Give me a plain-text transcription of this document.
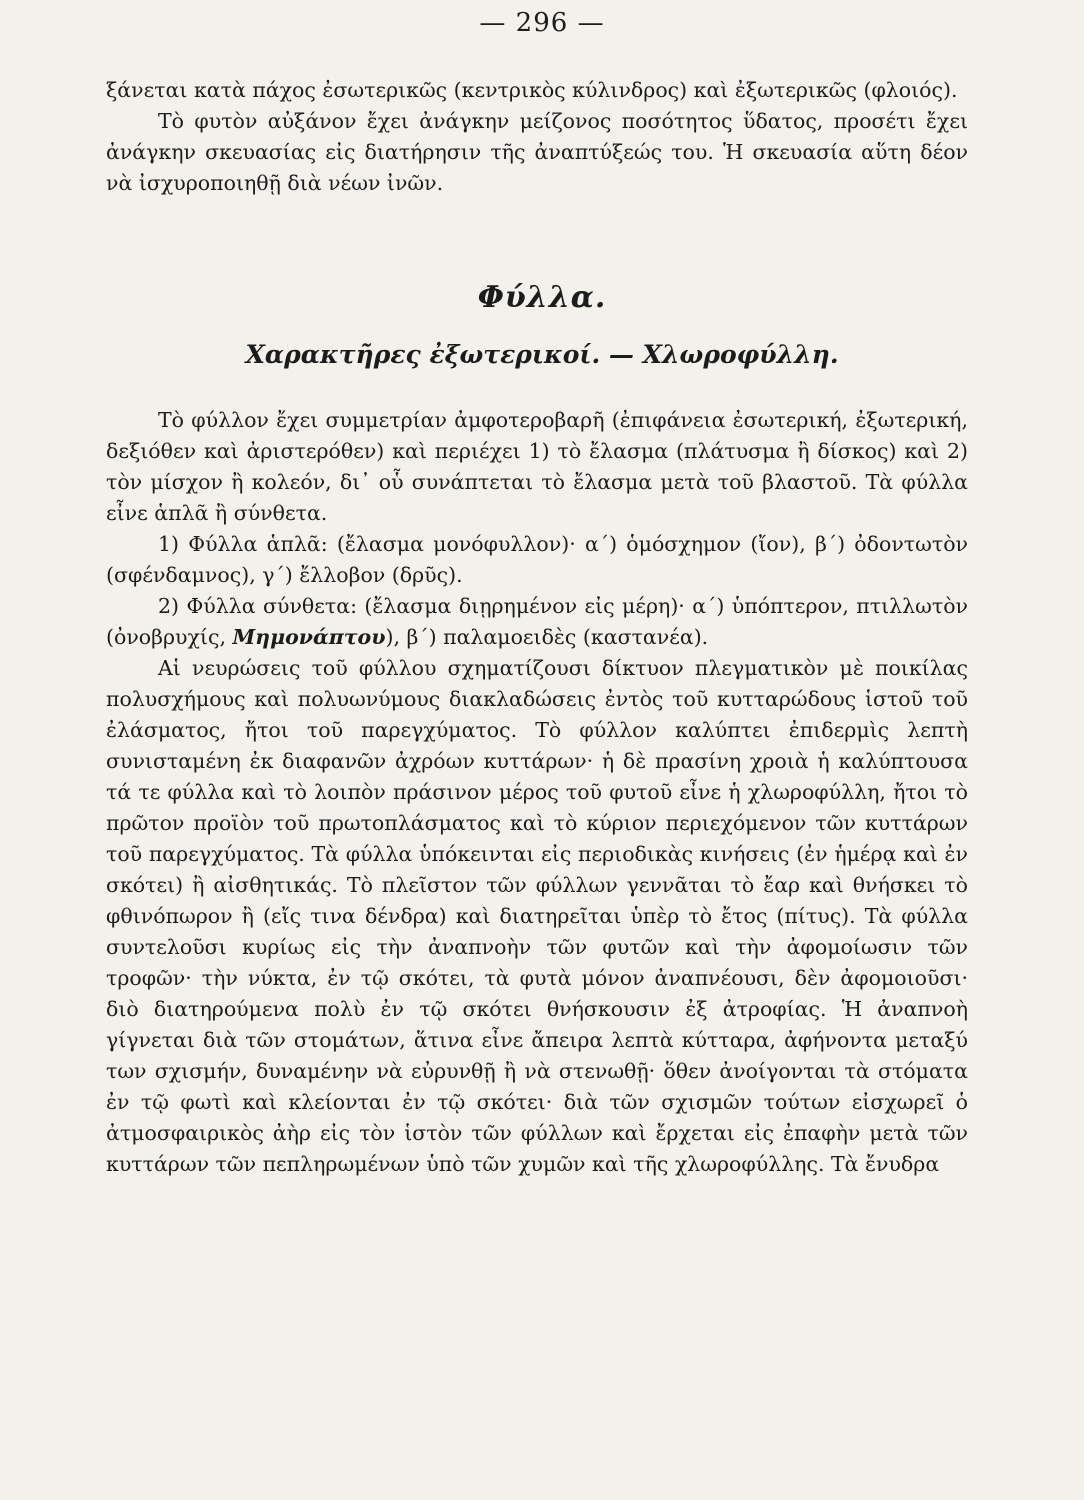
— 296 —

ξάνεται κατὰ πάχος ἐσωτερικῶς (κεντρικὸς κύλινδρος) καὶ ἐξωτερικῶς (φλοιός).

Τὸ φυτὸν αὐξάνον ἔχει ἀνάγκην μείζονος ποσότητος ὕδατος, προσέτι ἔχει ἀνάγκην σκευασίας εἰς διατήρησιν τῆς ἀναπτύξεώς του. Ἡ σκευασία αὕτη δέον νὰ ἰσχυροποιηθῇ διὰ νέων ἰνῶν.

Φύλλα.
Χαρακτῆρες ἐξωτερικοί. — Χλωροφύλλη.

Τὸ φύλλον ἔχει συμμετρίαν ἀμφοτεροβαρῆ (ἐπιφάνεια ἐσωτερική, ἐξωτερική, δεξιόθεν καὶ ἀριστερόθεν) καὶ περιέχει 1) τὸ ἔλασμα (πλάτυσμα ἢ δίσκος) καὶ 2) τὸν μίσχον ἢ κολεόν, δι᾽ οὗ συνάπτεται τὸ ἔλασμα μετὰ τοῦ βλαστοῦ. Τὰ φύλλα εἶνε ἁπλᾶ ἢ σύνθετα.

1) Φύλλα ἁπλᾶ: (ἔλασμα μονόφυλλον)· α΄) ὁμόσχημον (ἴον), β΄) ὀδοντωτὸν (σφένδαμνος), γ΄) ἔλλοβον (δρῦς).

2) Φύλλα σύνθετα: (ἔλασμα διῃρημένον εἰς μέρη)· α΄) ὑπόπτερον, πτιλλωτὸν (ὀνοβρυχίς, Μημονάπτου), β΄) παλαμοειδὲς (καστανέα).

Αἱ νευρώσεις τοῦ φύλλου σχηματίζουσι δίκτυον πλεγματικὸν μὲ ποικίλας πολυσχήμους καὶ πολυωνύμους διακλαδώσεις ἐντὸς τοῦ κυτταρώδους ἱστοῦ τοῦ ἐλάσματος, ἤτοι τοῦ παρεγχύματος. Τὸ φύλλον καλύπτει ἐπιδερμὶς λεπτὴ συνισταμένη ἐκ διαφανῶν ἀχρόων κυττάρων· ἡ δὲ πρασίνη χροιὰ ἡ καλύπτουσα τά τε φύλλα καὶ τὸ λοιπὸν πράσινον μέρος τοῦ φυτοῦ εἶνε ἡ χλωροφύλλη, ἤτοι τὸ πρῶτον προϊὸν τοῦ πρωτοπλάσματος καὶ τὸ κύριον περιεχόμενον τῶν κυττάρων τοῦ παρεγχύματος. Τὰ φύλλα ὑπόκεινται εἰς περιοδικὰς κινήσεις (ἐν ἡμέρᾳ καὶ ἐν σκότει) ἢ αἰσθητικάς. Τὸ πλεῖστον τῶν φύλλων γεννᾶται τὸ ἔαρ καὶ θνήσκει τὸ φθινόπωρον ἢ (εἴς τινα δένδρα) καὶ διατηρεῖται ὑπὲρ τὸ ἔτος (πίτυς). Τὰ φύλλα συντελοῦσι κυρίως εἰς τὴν ἀναπνοὴν τῶν φυτῶν καὶ τὴν ἀφομοίωσιν τῶν τροφῶν· τὴν νύκτα, ἐν τῷ σκότει, τὰ φυτὰ μόνον ἀναπνέουσι, δὲν ἀφομοιοῦσι· διὸ διατηρούμενα πολὺ ἐν τῷ σκότει θνήσκουσιν ἐξ ἀτροφίας. Ἡ ἀναπνοὴ γίγνεται διὰ τῶν στομάτων, ἅτινα εἶνε ἄπειρα λεπτὰ κύτταρα, ἀφήνοντα μεταξύ των σχισμήν, δυναμένην νὰ εὐρυνθῇ ἢ νὰ στενωθῇ· ὅθεν ἀνοίγονται τὰ στόματα ἐν τῷ φωτὶ καὶ κλείονται ἐν τῷ σκότει· διὰ τῶν σχισμῶν τούτων εἰσχωρεῖ ὁ ἀτμοσφαιρικὸς ἀὴρ εἰς τὸν ἱστὸν τῶν φύλλων καὶ ἔρχεται εἰς ἐπαφὴν μετὰ τῶν κυττάρων τῶν πεπληρωμένων ὑπὸ τῶν χυμῶν καὶ τῆς χλωροφύλλης. Τὰ ἔνυδρα
